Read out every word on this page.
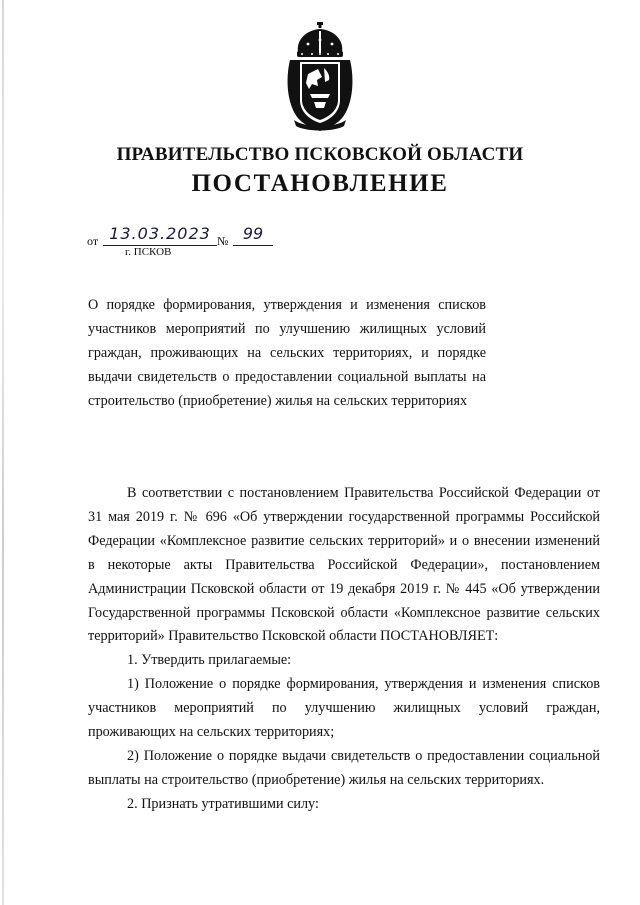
ПРАВИТЕЛЬСТВО ПСКОВСКОЙ ОБЛАСТИ
ПОСТАНОВЛЕНИЕ
от 13.03.2023 № 99
г. ПСКОВ

О порядке формирования, утверждения и изменения списков участников мероприятий по улучшению жилищных условий граждан, проживающих на сельских территориях, и порядке выдачи свидетельств о предоставлении социальной выплаты на строительство (приобретение) жилья на сельских территориях

В соответствии с постановлением Правительства Российской Федерации от 31 мая 2019 г. № 696 «Об утверждении государственной программы Российской Федерации «Комплексное развитие сельских территорий» и о внесении изменений в некоторые акты Правительства Российской Федерации», постановлением Администрации Псковской области от 19 декабря 2019 г. № 445 «Об утверждении Государственной программы Псковской области «Комплексное развитие сельских территорий» Правительство Псковской области ПОСТАНОВЛЯЕТ:

1. Утвердить прилагаемые:

1) Положение о порядке формирования, утверждения и изменения списков участников мероприятий по улучшению жилищных условий граждан, проживающих на сельских территориях;

2) Положение о порядке выдачи свидетельств о предоставлении социальной выплаты на строительство (приобретение) жилья на сельских территориях.

2. Признать утратившими силу:
